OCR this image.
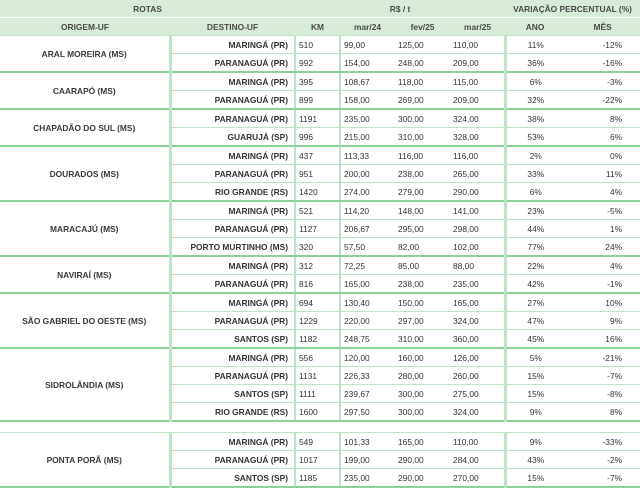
ROTAS		R$ / t				VARIAÇÃO PERCENTUAL (%)	
ORIGEM-UF	DESTINO-UF	KM	mar/24	fev/25	mar/25	ANO	MÊS
ARAL MOREIRA (MS)	MARINGÁ (PR)	510	99,00	125,00	110,00	11%	-12%
	PARANAGUÁ (PR)	992	154,00	248,00	209,00	36%	-16%
CAARAPÓ (MS)	MARINGÁ (PR)	395	108,67	118,00	115,00	6%	-3%
	PARANAGUÁ (PR)	899	158,00	269,00	209,00	32%	-22%
CHAPADÃO DO SUL (MS)	PARANAGUÁ (PR)	1191	235,00	300,00	324,00	38%	8%
	GUARUJÁ (SP)	996	215,00	310,00	328,00	53%	6%
DOURADOS (MS)	MARINGÁ (PR)	437	113,33	116,00	116,00	2%	0%
	PARANAGUÁ (PR)	951	200,00	238,00	265,00	33%	11%
	RIO GRANDE (RS)	1420	274,00	279,00	290,00	6%	4%
MARACAJÚ (MS)	MARINGÁ (PR)	521	114,20	148,00	141,00	23%	-5%
	PARANAGUÁ (PR)	1127	206,67	295,00	298,00	44%	1%
	PORTO MURTINHO (MS)	320	57,50	82,00	102,00	77%	24%
NAVIRAÍ (MS)	MARINGÁ (PR)	312	72,25	85,00	88,00	22%	4%
	PARANAGUÁ (PR)	816	165,00	238,00	235,00	42%	-1%
SÃO GABRIEL DO OESTE (MS)	MARINGÁ (PR)	694	130,40	150,00	165,00	27%	10%
	PARANAGUÁ (PR)	1229	220,00	297,00	324,00	47%	9%
	SANTOS (SP)	1182	248,75	310,00	360,00	45%	16%
SIDROLÂNDIA (MS)	MARINGÁ (PR)	556	120,00	160,00	126,00	5%	-21%
	PARANAGUÁ (PR)	1131	226,33	280,00	260,00	15%	-7%
	SANTOS (SP)	1111	239,67	300,00	275,00	15%	-8%
	RIO GRANDE (RS)	1600	297,50	300,00	324,00	9%	8%

PONTA PORÃ (MS)	MARINGÁ (PR)	549	101,33	165,00	110,00	9%	-33%
	PARANAGUÁ (PR)	1017	199,00	290,00	284,00	43%	-2%
	SANTOS (SP)	1185	235,00	290,00	270,00	15%	-7%
